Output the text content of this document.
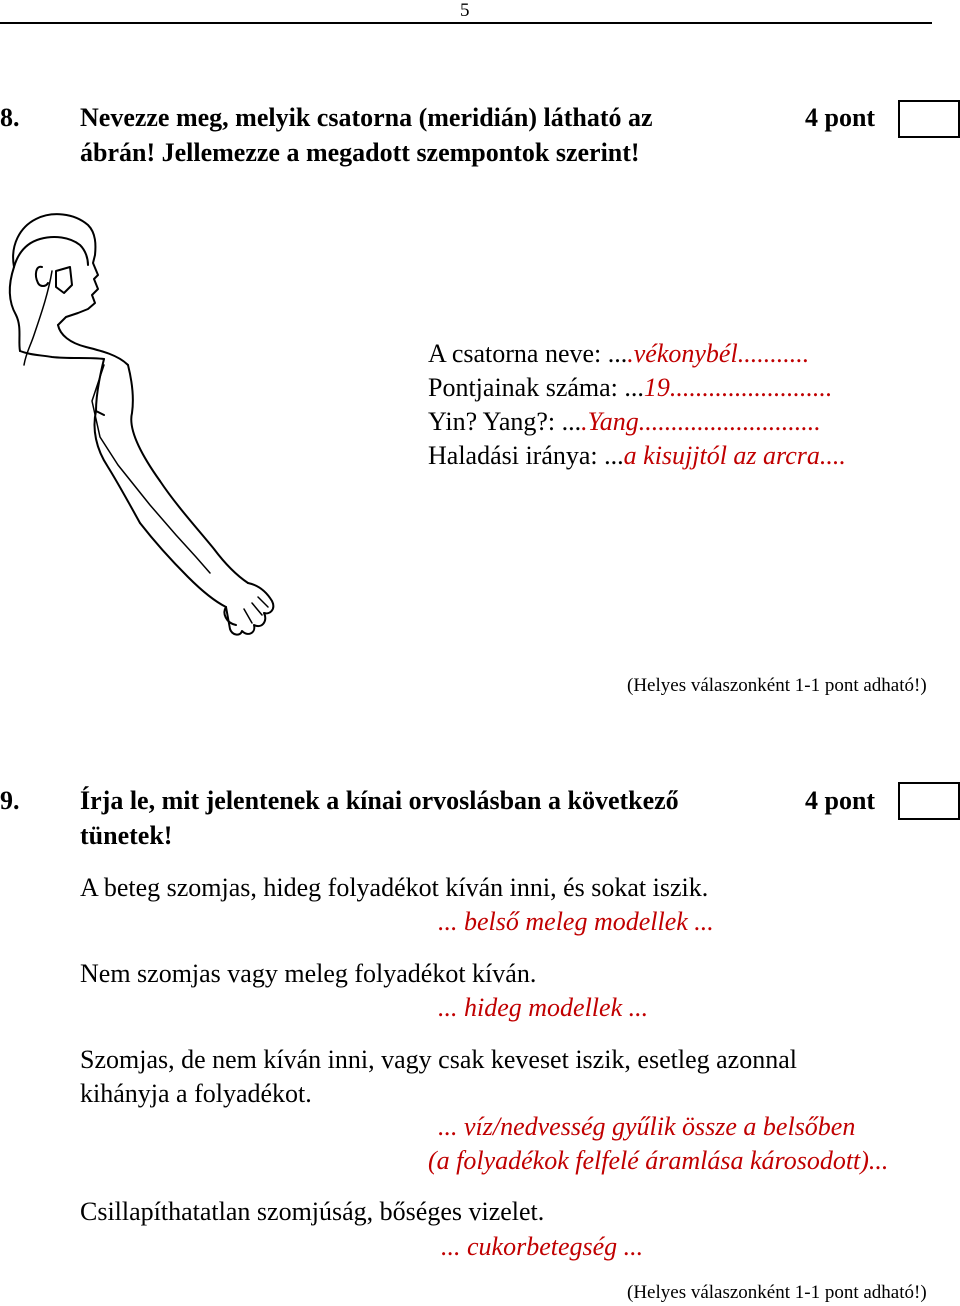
5
8. Nevezze meg, melyik csatorna (meridián) látható az
ábrán! Jellemezze a megadott szempontok szerint!
4 pont
A csatorna neve: ....vékonybél...........
Pontjainak száma: ...19.........................
Yin? Yang?: ....Yang............................
Haladási iránya: ...a kisujjtól az arcra....
(Helyes válaszonként 1-1 pont adható!)
9. Írja le, mit jelentenek a kínai orvoslásban a következő
tünetek!
4 pont
A beteg szomjas, hideg folyadékot kíván inni, és sokat iszik.
... belső meleg modellek ...
Nem szomjas vagy meleg folyadékot kíván.
... hideg modellek ...
Szomjas, de nem kíván inni, vagy csak keveset iszik, esetleg azonnal
kihányja a folyadékot.
... víz/nedvesség gyűlik össze a belsőben
(a folyadékok felfelé áramlása károsodott)...
Csillapíthatatlan szomjúság, bőséges vizelet.
... cukorbetegség ...
(Helyes válaszonként 1-1 pont adható!)
